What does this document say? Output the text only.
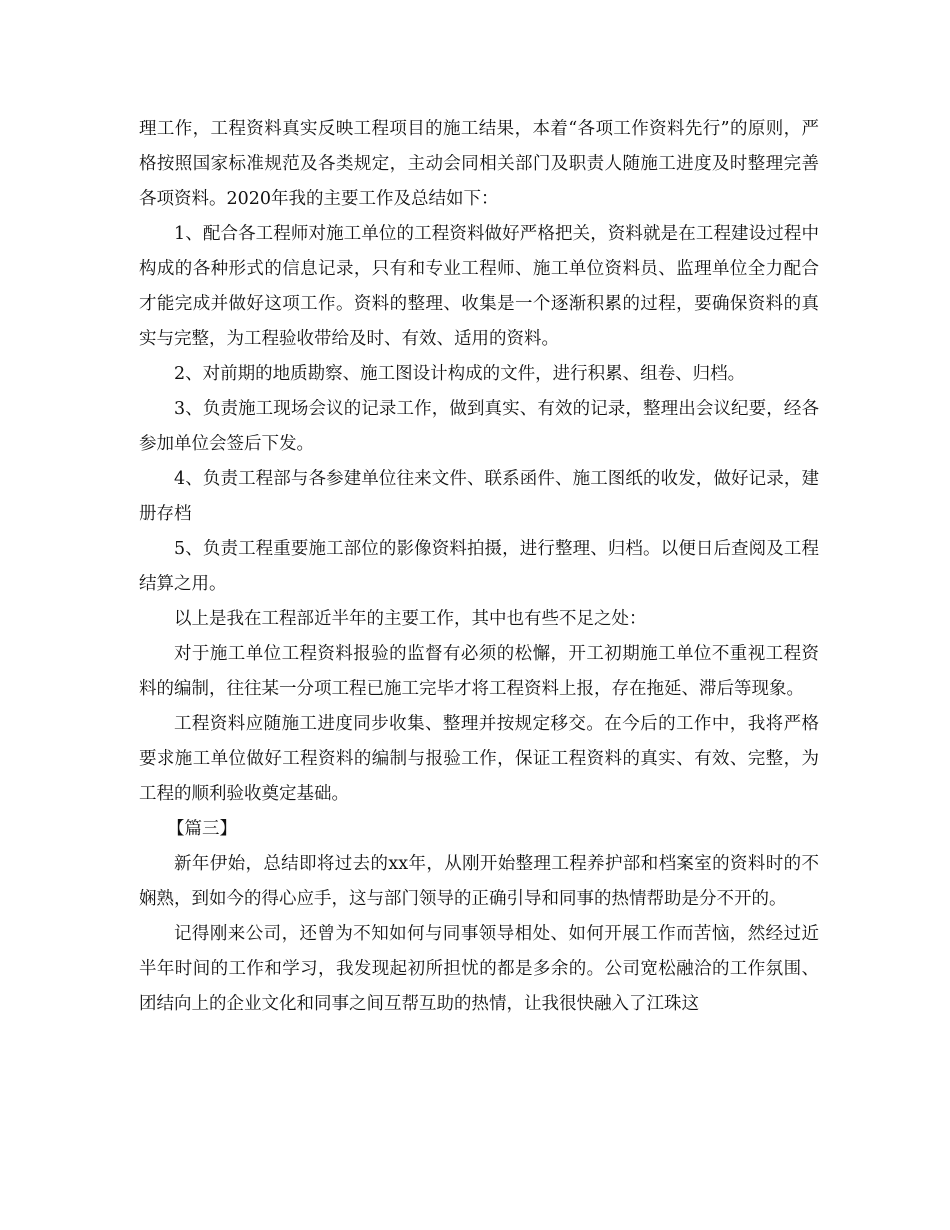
理工作，工程资料真实反映工程项目的施工结果，本着“各项工作资料先行”的原则，严格按照国家标准规范及各类规定，主动会同相关部门及职责人随施工进度及时整理完善各项资料。2020年我的主要工作及总结如下：

1、配合各工程师对施工单位的工程资料做好严格把关，资料就是在工程建设过程中构成的各种形式的信息记录，只有和专业工程师、施工单位资料员、监理单位全力配合才能完成并做好这项工作。资料的整理、收集是一个逐渐积累的过程，要确保资料的真实与完整，为工程验收带给及时、有效、适用的资料。

2、对前期的地质勘察、施工图设计构成的文件，进行积累、组卷、归档。

3、负责施工现场会议的记录工作，做到真实、有效的记录，整理出会议纪要，经各参加单位会签后下发。

4、负责工程部与各参建单位往来文件、联系函件、施工图纸的收发，做好记录，建册存档

5、负责工程重要施工部位的影像资料拍摄，进行整理、归档。以便日后查阅及工程结算之用。

以上是我在工程部近半年的主要工作，其中也有些不足之处：

对于施工单位工程资料报验的监督有必须的松懈，开工初期施工单位不重视工程资料的编制，往往某一分项工程已施工完毕才将工程资料上报，存在拖延、滞后等现象。

工程资料应随施工进度同步收集、整理并按规定移交。在今后的工作中，我将严格要求施工单位做好工程资料的编制与报验工作，保证工程资料的真实、有效、完整，为工程的顺利验收奠定基础。

【篇三】

新年伊始，总结即将过去的xx年，从刚开始整理工程养护部和档案室的资料时的不娴熟，到如今的得心应手，这与部门领导的正确引导和同事的热情帮助是分不开的。

记得刚来公司，还曾为不知如何与同事领导相处、如何开展工作而苦恼，然经过近半年时间的工作和学习，我发现起初所担忧的都是多余的。公司宽松融洽的工作氛围、团结向上的企业文化和同事之间互帮互助的热情，让我很快融入了江珠这
